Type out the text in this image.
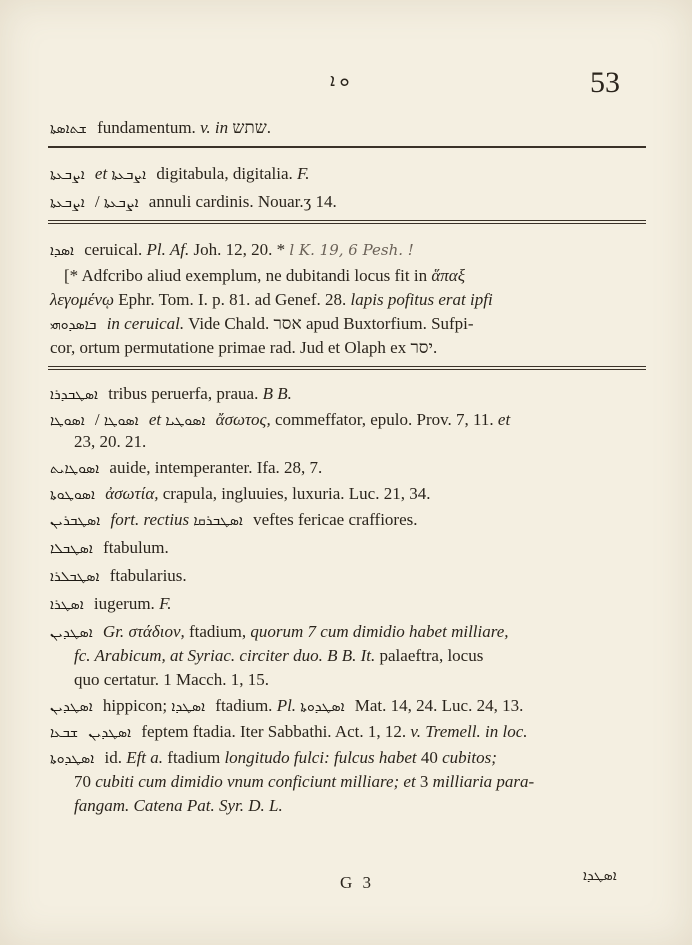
ܘ ܐ	53
ܫܬܐܣܬܐ fundamentum. v. in שתש.
ܐܨܒܥܬܐ et ܐܨܒܥܬܐ digitabula, digitalia. F.
ܐܨܒܥܬܐ / ܐܨܒܥܬܐ	annuli cardinis. Nouar.ʒ 14.
ܐܣܕܐ ceruical. Pl. Af. Joh. 12, 20. * l K. 19, 6 Pesh. !
[* Adfcribo aliud exemplum, ne dubitandi locus fit in ἅπαξ
λεγομένῳ Ephr. Tom. I. p. 81. ad Genef. 28. lapis pofitus erat ipfi
ܒܐܣܕܘܗܝ in ceruical. Vide Chald. אסר apud Buxtorfium. Sufpi-
cor, ortum permutatione primae rad. Jud et Olaph ex יסר.
ܐܣܛܒܕܪܐ tribus peruerfa, praua. B B.
ܐܣܘܛܐ / ܐܣܘܛܐ	et ܐܣܘܛܝܐ ἄσωτος, commeffator, epulo. Prov. 7, 11. et
23, 20. 21.
ܐܣܘܛܐܝܬ auide, intemperanter. Ifa. 28, 7.
ܐܣܘܛܘܬܐ ἀσωτία, crapula, ingluuies, luxuria. Luc. 21, 34.
ܐܣܛܒܪܝܢ fort. rectius ܐܣܛܒܪܩܐ veftes fericae craffiores.
ܐܣܛܒܠܐ ftabulum.
ܐܣܛܒܠܪܐ ftabularius.
ܐܣܛܪܐ iugerum. F.
ܐܣܛܕܝܢ Gr. στάδιον, ftadium, quorum 7 cum dimidio habet milliare,
fc. Arabicum, at Syriac. circiter duo. B B. It. palaeftra, locus
quo certatur. 1 Macch. 1, 15.
ܐܣܛܕܝܢ hippicon; ܐܣܛܕܐ ftadium. Pl. ܐܣܛܕܘܬܐ Mat. 14, 24. Luc. 24, 13.
ܐܣܛܕܝܢ ܫܒܥܐ	feptem ftadia. Iter Sabbathi. Act. 1, 12. v. Tremell. in loc.
ܐܣܛܕܘܬܐ id. Eft a. ftadium longitudo fulci: fulcus habet 40 cubitos;
70 cubiti cum dimidio vnum conficiunt milliare; et 3 milliaria para-
fangam. Catena Pat. Syr. D. L.
G 3	ܐܣܛܕܐ
